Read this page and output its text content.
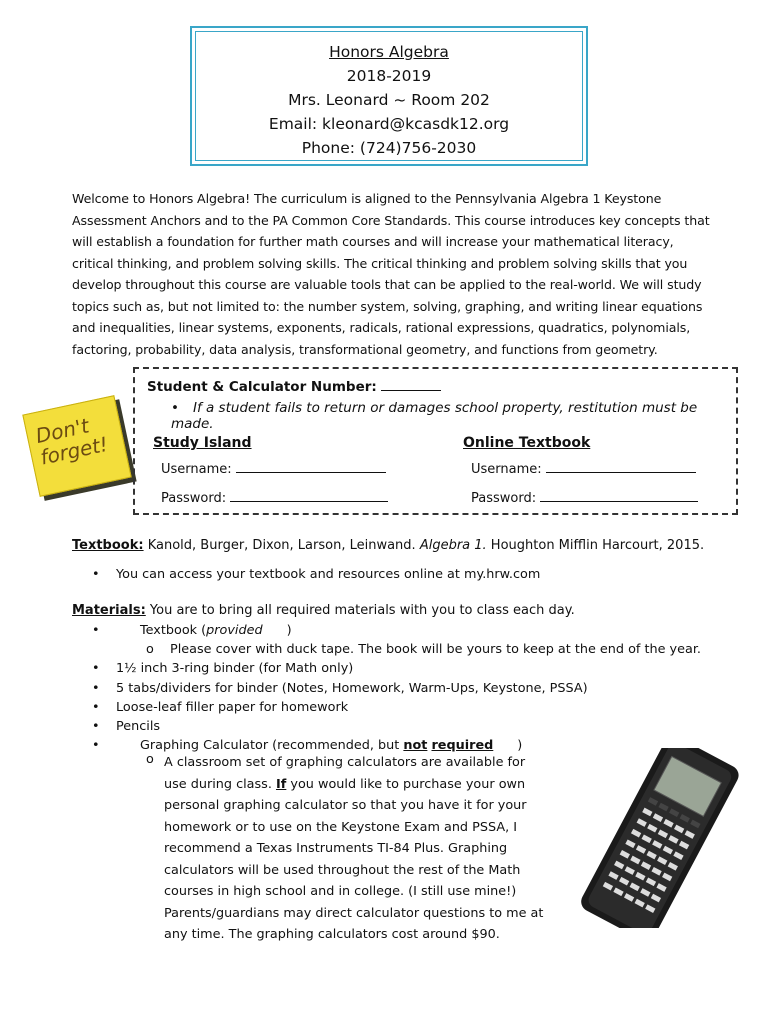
Honors Algebra
2018-2019
Mrs. Leonard ~ Room 202
Email: kleonard@kcasdk12.org
Phone: (724)756-2030
Welcome to Honors Algebra! The curriculum is aligned to the Pennsylvania Algebra 1 Keystone Assessment Anchors and to the PA Common Core Standards. This course introduces key concepts that will establish a foundation for further math courses and will increase your mathematical literacy, critical thinking, and problem solving skills. The critical thinking and problem solving skills that you develop throughout this course are valuable tools that can be applied to the real-world. We will study topics such as, but not limited to: the number system, solving, graphing, and writing linear equations and inequalities, linear systems, exponents, radicals, rational expressions, quadratics, polynomials, factoring, probability, data analysis, transformational geometry, and functions from geometry.
Don't forget!
Student & Calculator Number:
• If a student fails to return or damages school property, restitution must be made.
Study Island
Username:
Password:
Online Textbook
Username:
Password:
Textbook: Kanold, Burger, Dixon, Larson, Leinwand. Algebra 1. Houghton Mifflin Harcourt, 2015.
• You can access your textbook and resources online at my.hrw.com
Materials: You are to bring all required materials with you to class each day.
• Textbook (provided )
o Please cover with duck tape. The book will be yours to keep at the end of the year.
• 1½ inch 3-ring binder (for Math only)
• 5 tabs/dividers for binder (Notes, Homework, Warm-Ups, Keystone, PSSA)
• Loose-leaf filler paper for homework
• Pencils
• Graphing Calculator (recommended, but not required )
o A classroom set of graphing calculators are available for use during class. If you would like to purchase your own personal graphing calculator so that you have it for your homework or to use on the Keystone Exam and PSSA, I recommend a Texas Instruments TI-84 Plus. Graphing calculators will be used throughout the rest of the Math courses in high school and in college. (I still use mine!) Parents/guardians may direct calculator questions to me at any time. The graphing calculators cost around $90.
